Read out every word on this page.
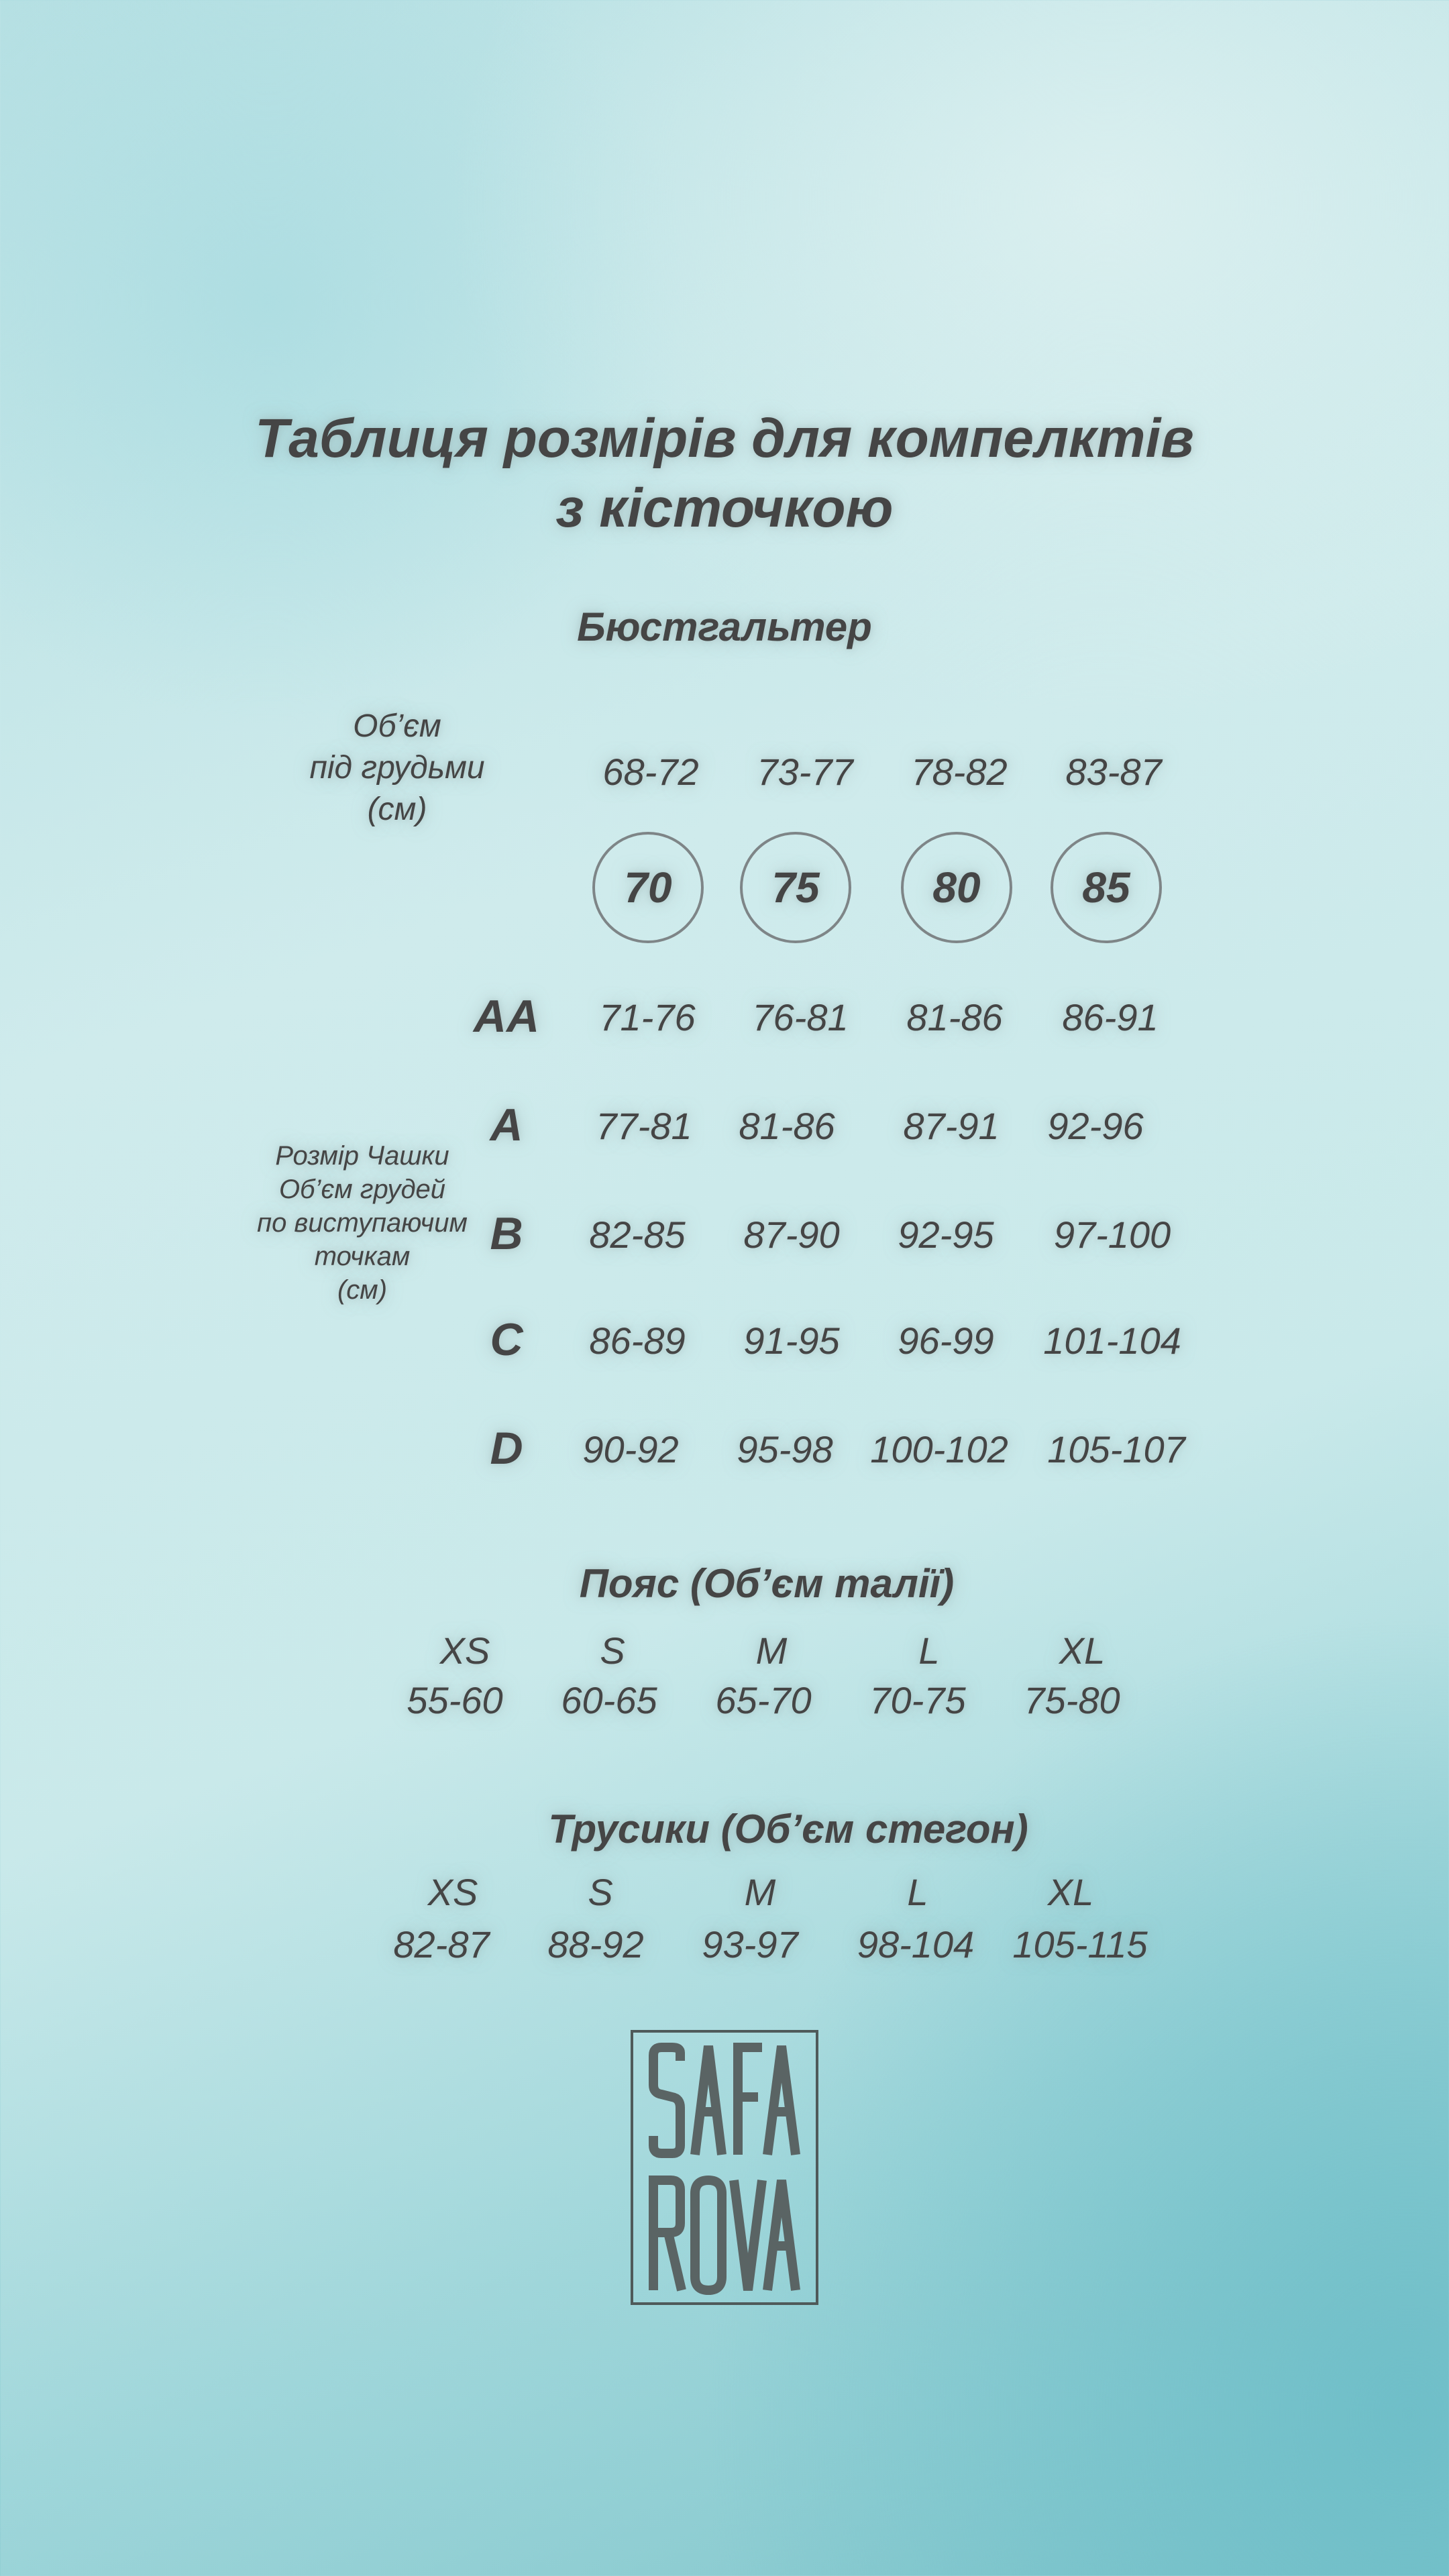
Таблиця розмірів для компелктів
з кісточкою
Бюстгальтер
Об’єм
під грудьми
(см)
68-72	73-77	78-82	83-87
70	75	80	85
Розмір Чашки
Об’єм грудей
по виступаючим
точкам
(см)
AA	71-76	76-81	81-86	86-91
A	77-81	81-86	87-91	92-96
B	82-85	87-90	92-95	97-100
C	86-89	91-95	96-99	101-104
D	90-92	95-98 100-102	105-107
Пояс (Об’єм талії)
XS	S	M	L	XL
55-60	60-65	65-70	70-75	75-80
Трусики (Об’єм стегон)
XS	S	M	L	XL
82-87	88-92	93-97	98-104	105-115
